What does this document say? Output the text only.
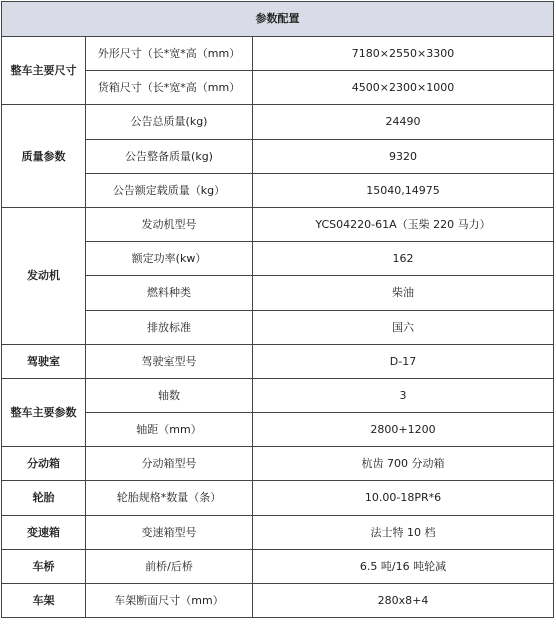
参数配置		
整车主要尺寸	外形尺寸（长*宽*高（mm）	7180×2550×3300
	货箱尺寸（长*宽*高（mm）	4500×2300×1000
质量参数	公告总质量(kg)	24490
	公告整备质量(kg)	9320
	公告额定载质量（kg）	15040,14975
发动机	发动机型号	YCS04220-61A（玉柴 220 马力）
	额定功率(kw）	162
	燃料种类	柴油
	排放标准	国六
驾驶室	驾驶室型号	D-17
整车主要参数	轴数	3
	轴距（mm）	2800+1200
分动箱	分动箱型号	杭齿 700 分动箱
轮胎	轮胎规格*数量（条）	10.00-18PR*6
变速箱	变速箱型号	法士特 10 档
车桥	前桥/后桥	6.5 吨/16 吨轮减
车架	车架断面尺寸（mm）	280x8+4
